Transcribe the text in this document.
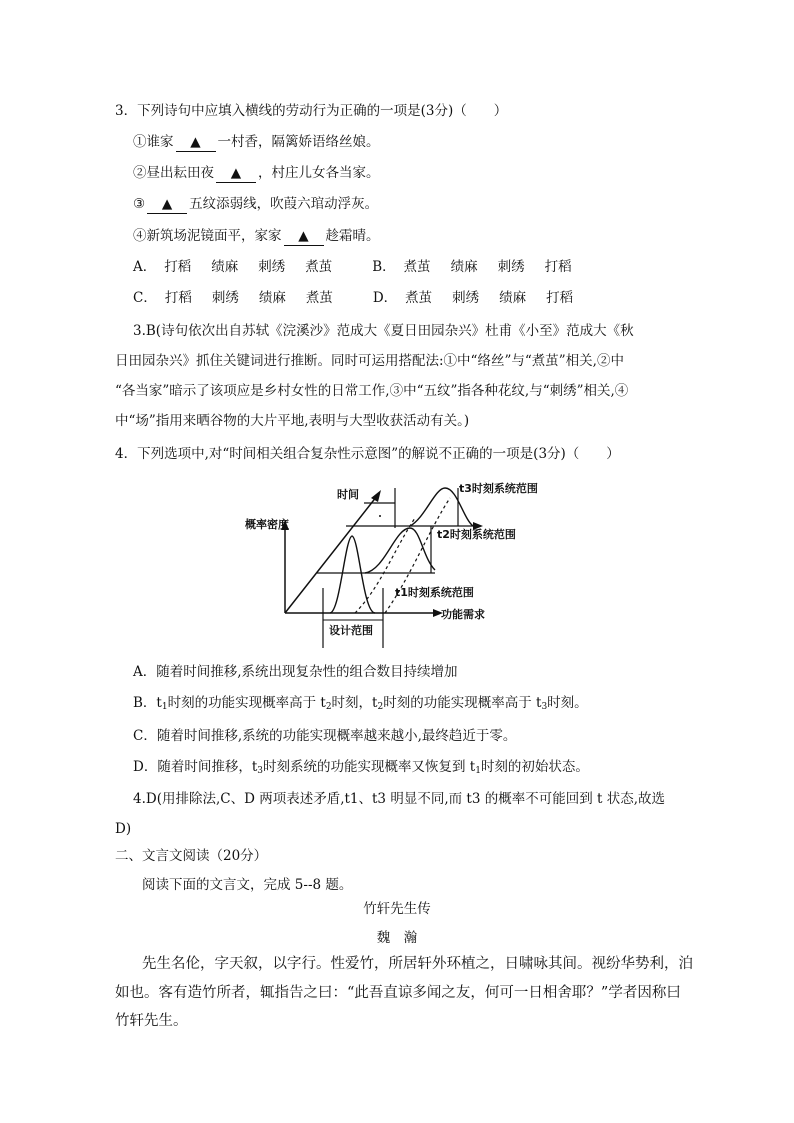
3．下列诗句中应填入横线的劳动行为正确的一项是(3分)（　　）
①谁家 ▲ 一村香，隔篱娇语络丝娘。
②昼出耘田夜 ▲ ，村庄儿女各当家。
③ ▲ 五纹添弱线，吹葭六琯动浮灰。
④新筑场泥镜面平，家家 ▲ 趁霜晴。
A． 打稻 绩麻 刺绣 煮茧	B． 煮茧 绩麻 刺绣 打稻
C． 打稻 刺绣 绩麻 煮茧	D． 煮茧 刺绣 绩麻 打稻
3.B(诗句依次出自苏轼《浣溪沙》范成大《夏日田园杂兴》杜甫《小至》范成大《秋
日田园杂兴》抓住关键词进行推断。同时可运用搭配法:①中“络丝”与“煮茧”相关,②中
“各当家”暗示了该项应是乡村女性的日常工作,③中“五纹”指各种花纹,与“刺绣”相关,④
中“场”指用来晒谷物的大片平地,表明与大型收获活动有关。)
4．下列选项中,对“时间相关组合复杂性示意图”的解说不正确的一项是(3分)（　　）
设计范围
时间
概率密度
t3时刻系统范围
t2时刻系统范围
t1时刻系统范围
功能需求
A．随着时间推移,系统出现复杂性的组合数目持续增加
B．$t_1$时刻的功能实现概率高于 $t_2$时刻，$t_2$时刻的功能实现概率高于 $t_3$时刻。
C．随着时间推移,系统的功能实现概率越来越小,最终趋近于零。
D．随着时间推移，$t_3$时刻系统的功能实现概率又恢复到 $t_1$时刻的初始状态。
4.D(用排除法,C、D 两项表述矛盾,t1、t3 明显不同,而 t3 的概率不可能回到 t 状态,故选
D)
二、文言文阅读（20分）
阅读下面的文言文，完成 5--8 题。
竹轩先生传
魏　瀚
先生名伦，字天叙，以字行。性爱竹，所居轩外环植之，日啸咏其间。视纷华势利，泊
如也。客有造竹所者，辄指告之曰：“此吾直谅多闻之友，何可一日相舍耶？”学者因称曰
竹轩先生。
